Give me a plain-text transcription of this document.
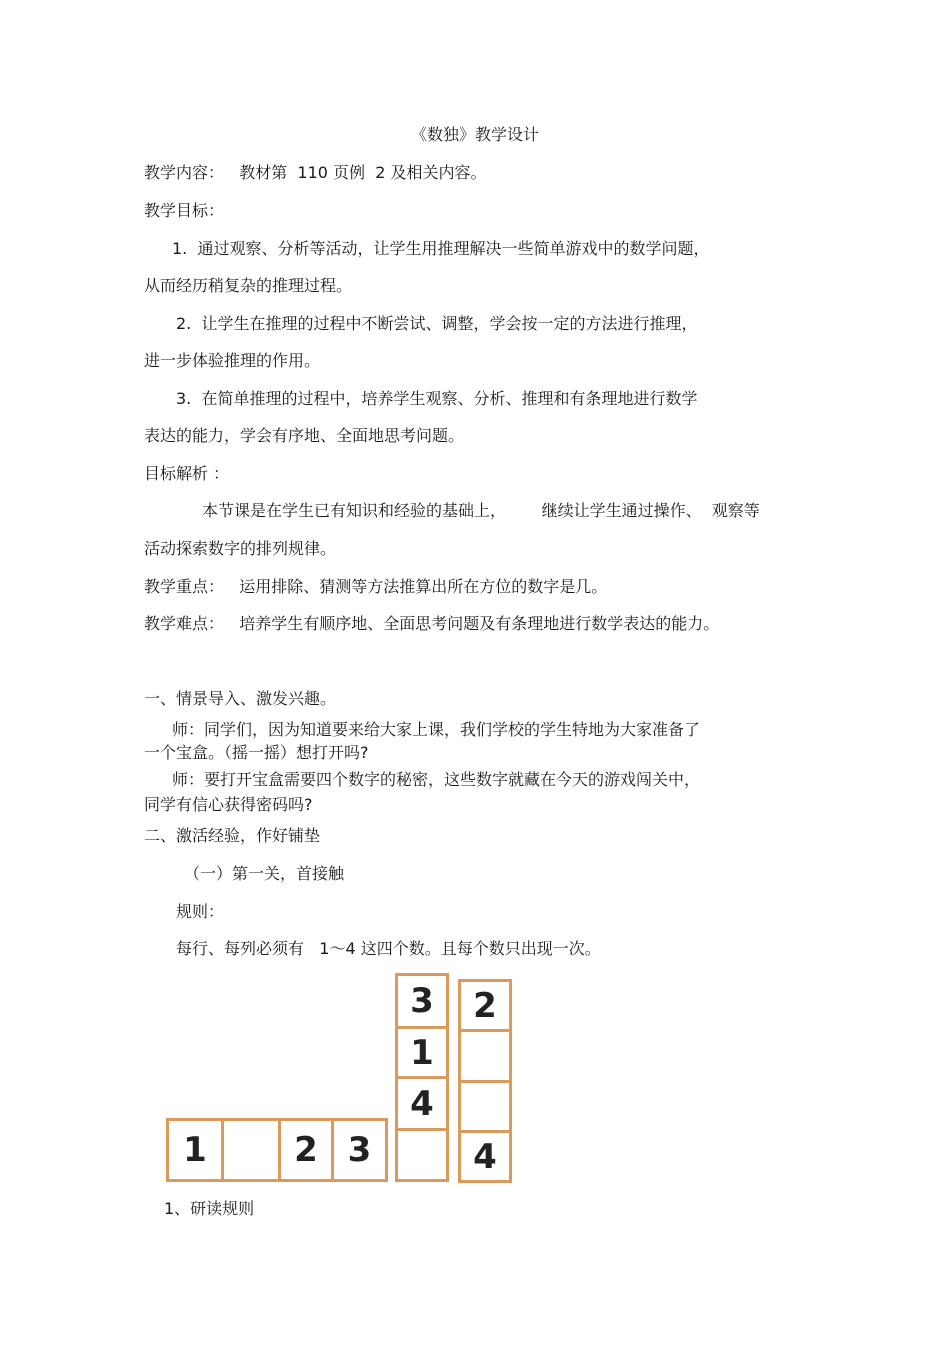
《数独》教学设计
教学内容：   教材第  110 页例  2 及相关内容。
教学目标：
1.  通过观察、分析等活动，让学生用推理解决一些简单游戏中的数学问题，
从而经历稍复杂的推理过程。
2.  让学生在推理的过程中不断尝试、调整，学会按一定的方法进行推理，
进一步体验推理的作用。
3.  在简单推理的过程中，培养学生观察、分析、推理和有条理地进行数学
表达的能力，学会有序地、全面地思考问题。
目标解析 ：
本节课是在学生已有知识和经验的基础上，       继续让学生通过操作、  观察等
活动探索数字的排列规律。
教学重点：   运用排除、猜测等方法推算出所在方位的数字是几。
教学难点：   培养学生有顺序地、全面思考问题及有条理地进行数学表达的能力。
一、情景导入、激发兴趣。
师：同学们，因为知道要来给大家上课，我们学校的学生特地为大家准备了
一个宝盒。（摇一摇）想打开吗?
师：要打开宝盒需要四个数字的秘密，这些数字就藏在今天的游戏闯关中，
同学有信心获得密码吗?
二、激活经验，作好铺垫
（一）第一关，首接触
规则：
每行、每列必须有   1～4 这四个数。且每个数只出现一次。
1	2 3
3
1
4
2
4
1、研读规则
